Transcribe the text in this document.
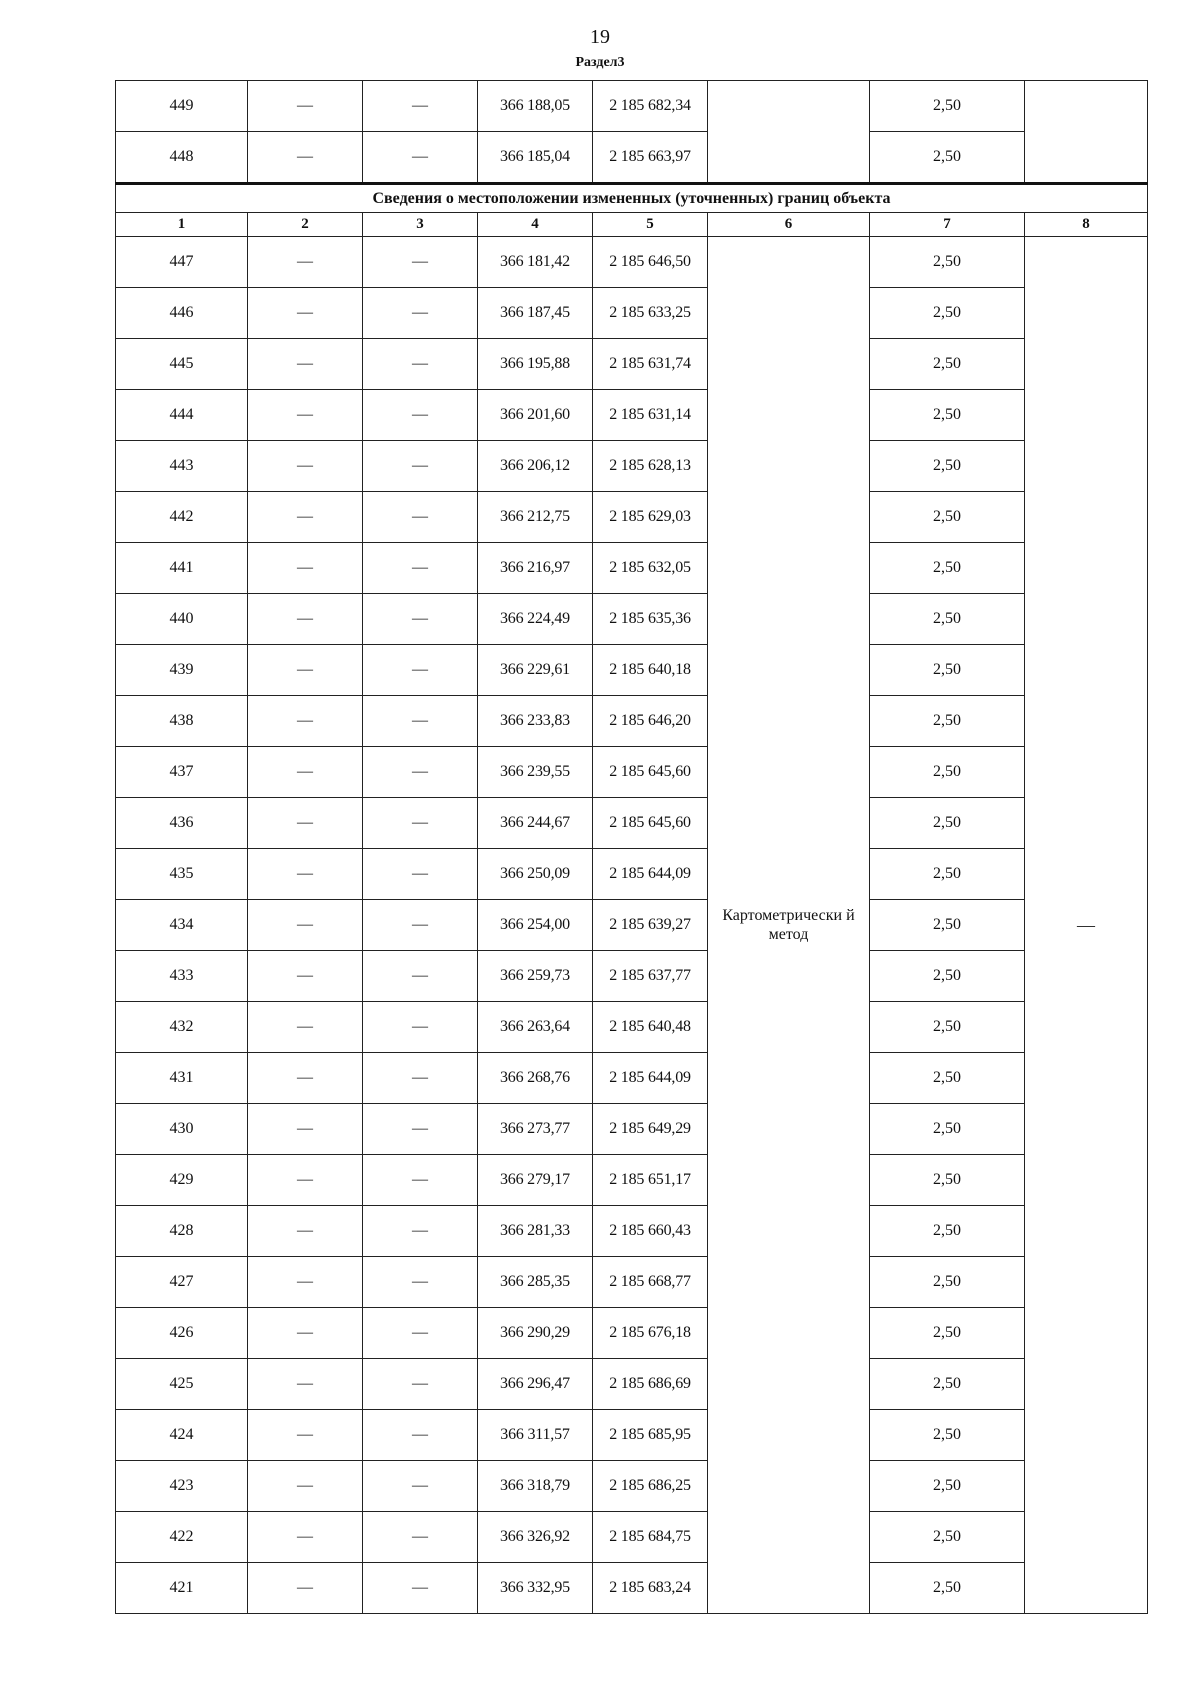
19
Раздел3
449	—	—	366 188,05	2 185 682,34		2,50	
448	—	—	366 185,04	2 185 663,97		2,50	
Сведения о местоположении измененных (уточненных) границ объекта							
1	2	3	4	5	6	7	8
447	—	—	366 181,42	2 185 646,50	Картометрически й метод	2,50	—
446	—	—	366 187,45	2 185 633,25		2,50	
445	—	—	366 195,88	2 185 631,74		2,50	
444	—	—	366 201,60	2 185 631,14		2,50	
443	—	—	366 206,12	2 185 628,13		2,50	
442	—	—	366 212,75	2 185 629,03		2,50	
441	—	—	366 216,97	2 185 632,05		2,50	
440	—	—	366 224,49	2 185 635,36		2,50	
439	—	—	366 229,61	2 185 640,18		2,50	
438	—	—	366 233,83	2 185 646,20		2,50	
437	—	—	366 239,55	2 185 645,60		2,50	
436	—	—	366 244,67	2 185 645,60		2,50	
435	—	—	366 250,09	2 185 644,09		2,50	
434	—	—	366 254,00	2 185 639,27		2,50	
433	—	—	366 259,73	2 185 637,77		2,50	
432	—	—	366 263,64	2 185 640,48		2,50	
431	—	—	366 268,76	2 185 644,09		2,50	
430	—	—	366 273,77	2 185 649,29		2,50	
429	—	—	366 279,17	2 185 651,17		2,50	
428	—	—	366 281,33	2 185 660,43		2,50	
427	—	—	366 285,35	2 185 668,77		2,50	
426	—	—	366 290,29	2 185 676,18		2,50	
425	—	—	366 296,47	2 185 686,69		2,50	
424	—	—	366 311,57	2 185 685,95		2,50	
423	—	—	366 318,79	2 185 686,25		2,50	
422	—	—	366 326,92	2 185 684,75		2,50	
421	—	—	366 332,95	2 185 683,24		2,50	
